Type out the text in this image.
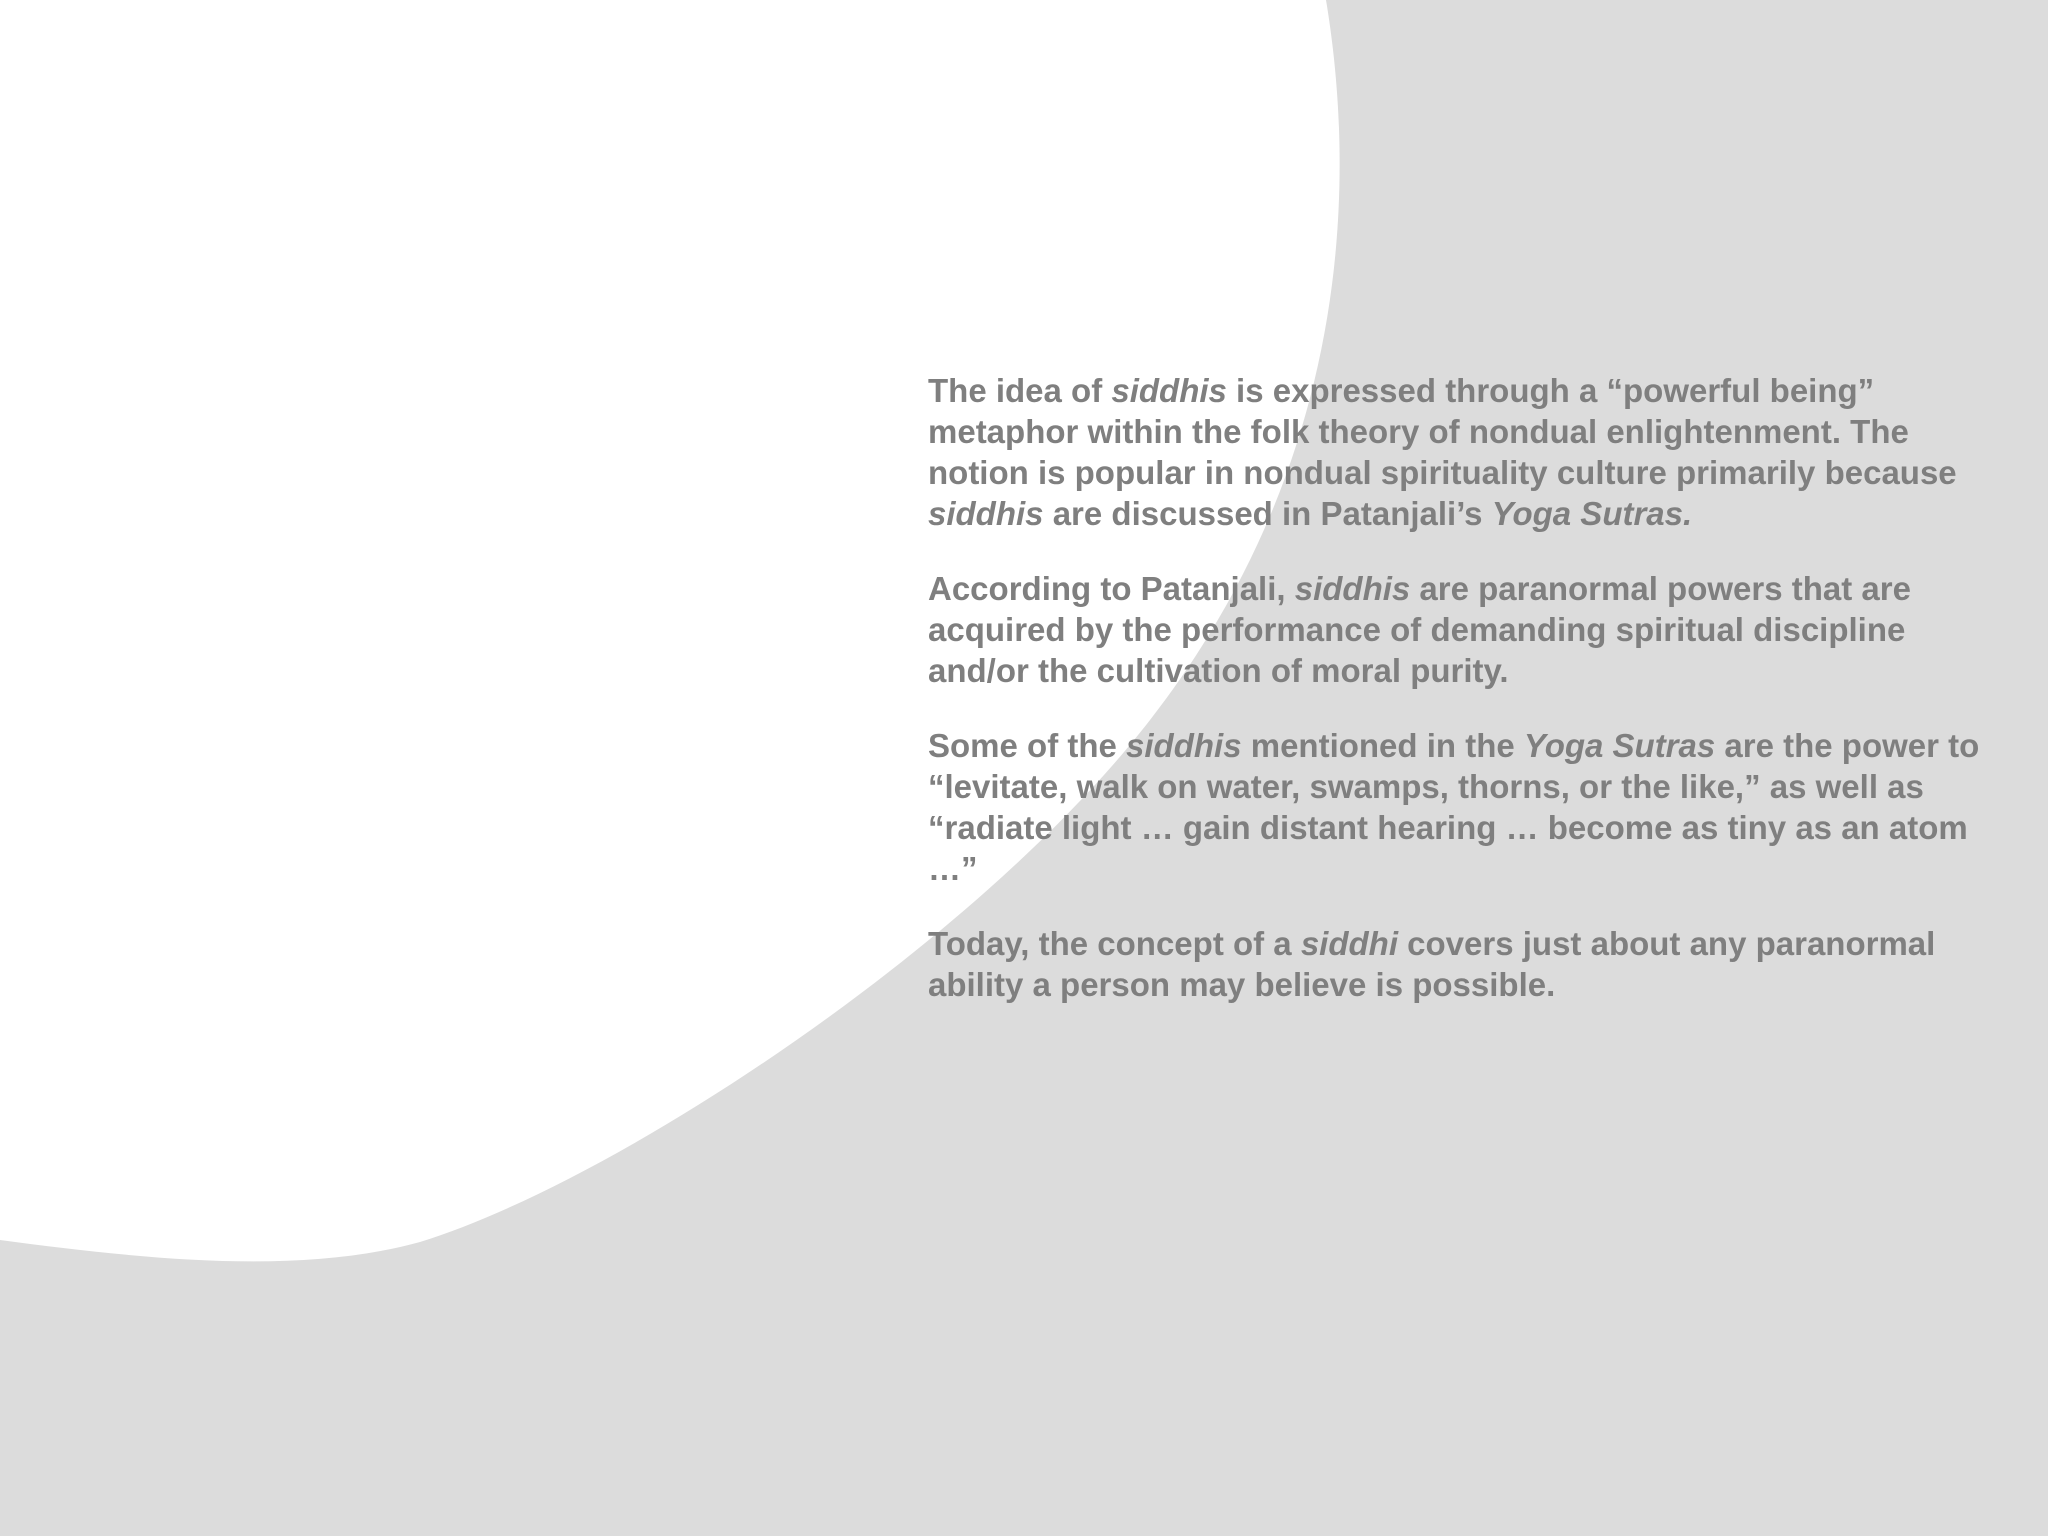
The idea of siddhis is expressed through a “powerful being” metaphor within the folk theory of nondual enlightenment. The notion is popular in nondual spirituality culture primarily because siddhis are discussed in Patanjali’s Yoga Sutras.

According to Patanjali, siddhis are paranormal powers that are acquired by the performance of demanding spiritual discipline and/or the cultivation of moral purity.

Some of the siddhis mentioned in the Yoga Sutras are the power to “levitate, walk on water, swamps, thorns, or the like,” as well as “radiate light … gain distant hearing … become as tiny as an atom …”

Today, the concept of a siddhi covers just about any paranormal ability a person may believe is possible.
